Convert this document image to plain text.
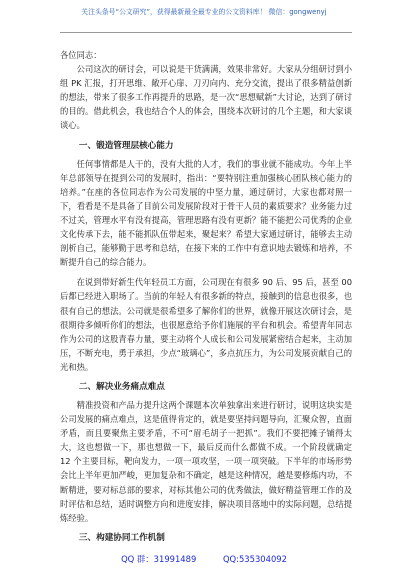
关注头条号“公文研究”，获得最新最全最专业的公文资料库！ 微信：gongwenyj

各位同志：

公司这次的研讨会，可以说是干货满满，效果非常好。大家从分组研讨到小组 PK 汇报，打开思维、敞开心扉、刀刃向内、充分交流，提出了很多精益创新的想法，带来了很多工作再提升的思路，是一次“思想赋新”大讨论，达到了研讨的目的。借此机会，我也结合个人的体会，围绕本次研讨的几个主题，和大家谈谈心。

一、锻造管理层核心能力

任何事情都是人干的，没有大批的人才，我们的事业就不能成功。今年上半年总部领导在提到公司的发展时，指出：“要特别注重加强核心团队核心能力的培养。”在座的各位同志作为公司发展的中坚力量，通过研讨，大家也都对照一下，看看是不是具备了目前公司发展阶段对于骨干人员的素质要求？业务能力过不过关，管理水平有没有提高，管理思路有没有更新？能不能把公司优秀的企业文化传承下去，能不能抓队伍带起来，聚起来？希望大家通过研讨，能够去主动剖析自己，能够勤于思考和总结，在接下来的工作中有意识地去锻炼和培养，不断提升自己的综合能力。

在说到带好新生代年轻员工方面，公司现在有很多 90 后、95 后，甚至 00 后都已经进入职场了。当前的年轻人有很多新的特点，接触到的信息也很多，也很有自己的想法。公司就是很希望多了解你们的世界，就像开展这次研讨会，是很期待多倾听你们的想法，也很愿意给予你们施展的平台和机会。希望青年同志作为公司的这股青春力量，要主动将个人成长和公司发展紧密结合起来，主动加压，不断充电，勇于承担，少点“玻璃心”，多点抗压力，为公司发展贡献自己的光和热。

二、解决业务痛点难点

精准投资和产品力提升这两个课题本次单独拿出来进行研讨，说明这块实是公司发展的痛点难点，这是值得肯定的，就是要坚持问题导向，汇聚众智，直面矛盾，而且要聚焦主要矛盾，不可“眉毛胡子一把抓”。我们不要把摊子铺得太大，这也想做一下，那也想做一下，最后反而什么都做不成。一个阶段就确定 12 个主要目标，靶向发力，一项一项攻坚，一项一项突破。下半年的市场形势会比上半年更加严峻，更加复杂和不确定，越是这种情况，越是要修炼内功，不断精进，要对标总部的要求，对标其他公司的优秀做法，做好精益管理工作的及时评估和总结，适时调整方向和进度安排，解决项目落地中的实际问题，总结提炼经验。

三、构建协同工作机制
QQ 群：31991489	QQ:535304092
